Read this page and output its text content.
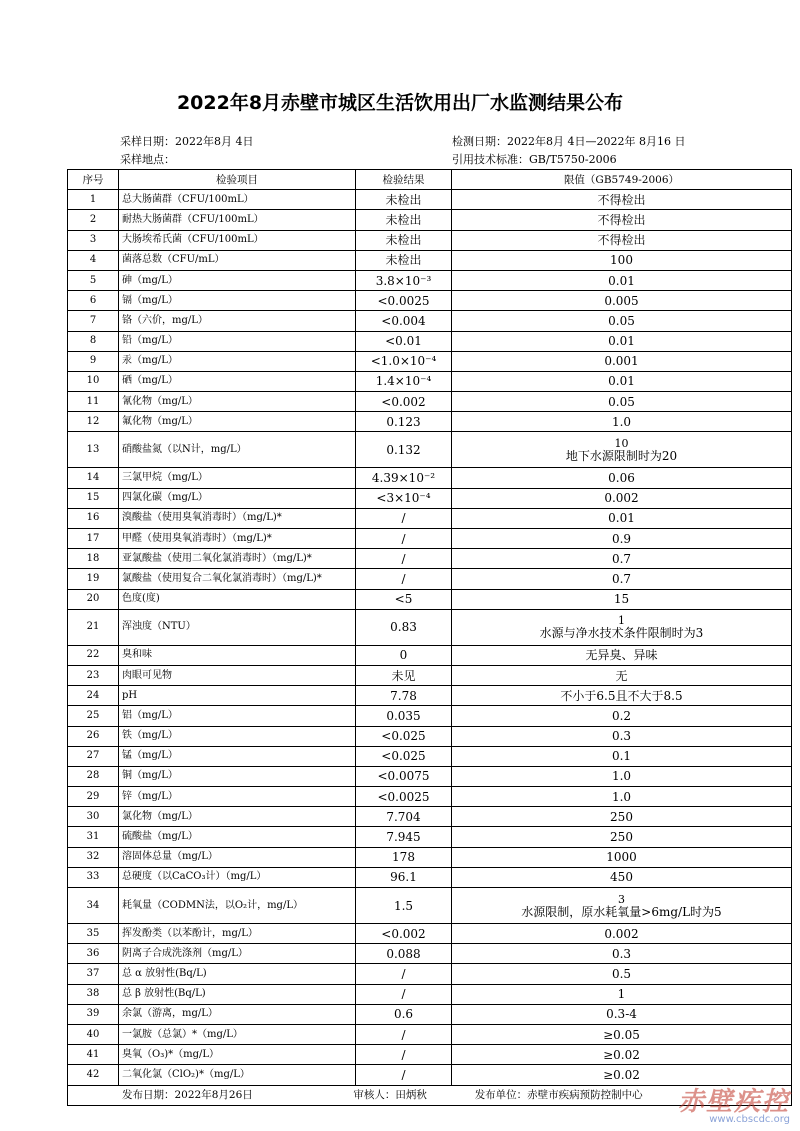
2022年8月赤壁市城区生活饮用出厂水监测结果公布
采样日期：2022年8月 4日	检测日期：2022年8月 4日—2022年 8月16 日
采样地点：	引用技术标准：GB/T5750-2006
序号	检验项目	检验结果	限值（GB5749-2006）
1	总大肠菌群（CFU/100mL）	未检出	不得检出
2	耐热大肠菌群（CFU/100mL）	未检出	不得检出
3	大肠埃希氏菌（CFU/100mL）	未检出	不得检出
4	菌落总数（CFU/mL）	未检出	100
5	砷（mg/L）	3.8×10⁻³	0.01
6	镉（mg/L）	<0.0025	0.005
7	铬（六价，mg/L）	<0.004	0.05
8	铅（mg/L）	<0.01	0.01
9	汞（mg/L）	<1.0×10⁻⁴	0.001
10	硒（mg/L）	1.4×10⁻⁴	0.01
11	氰化物（mg/L）	<0.002	0.05
12	氟化物（mg/L）	0.123	1.0
13	硝酸盐氮（以N计，mg/L）	0.132	10
地下水源限制时为20

14	三氯甲烷（mg/L）	4.39×10⁻²	0.06
15	四氯化碳（mg/L）	<3×10⁻⁴	0.002
16	溴酸盐（使用臭氧消毒时）（mg/L)*	/	0.01
17	甲醛（使用臭氧消毒时）（mg/L)*	/	0.9
18	亚氯酸盐（使用二氧化氯消毒时）（mg/L)*	/	0.7
19	氯酸盐（使用复合二氧化氯消毒时）（mg/L)*	/	0.7
20	色度(度)	<5	15
21	浑浊度（NTU）	0.83	1
水源与净水技术条件限制时为3

22	臭和味	0	无异臭、异味
23	肉眼可见物	未见	无
24	pH	7.78	不小于6.5且不大于8.5
25	铝（mg/L）	0.035	0.2
26	铁（mg/L）	<0.025	0.3
27	锰（mg/L）	<0.025	0.1
28	铜（mg/L）	<0.0075	1.0
29	锌（mg/L）	<0.0025	1.0
30	氯化物（mg/L）	7.704	250
31	硫酸盐（mg/L）	7.945	250
32	溶固体总量（mg/L）	178	1000
33	总硬度（以CaCO₃计）（mg/L）	96.1	450
34	耗氧量（CODMN法，以O₂计，mg/L）	1.5	3
水源限制，原水耗氧量>6mg/L时为5

35	挥发酚类（以苯酚计，mg/L）	<0.002	0.002
36	阴离子合成洗涤剂（mg/L）	0.088	0.3
37	总 α 放射性(Bq/L)	/	0.5
38	总 β 放射性(Bq/L)	/	1
39	余氯（游离，mg/L）	0.6	0.3-4
40	一氯胺（总氯）*（mg/L）	/	≥0.05
41	臭氧（O₃)*（mg/L）	/	≥0.02
42	二氧化氯（ClO₂)*（mg/L）	/	≥0.02
发布日期：2022年8月26日 审核人：田炳秋 发布单位：赤壁市疾病预防控制中心			赤壁疾控
www.cbscdc.org
